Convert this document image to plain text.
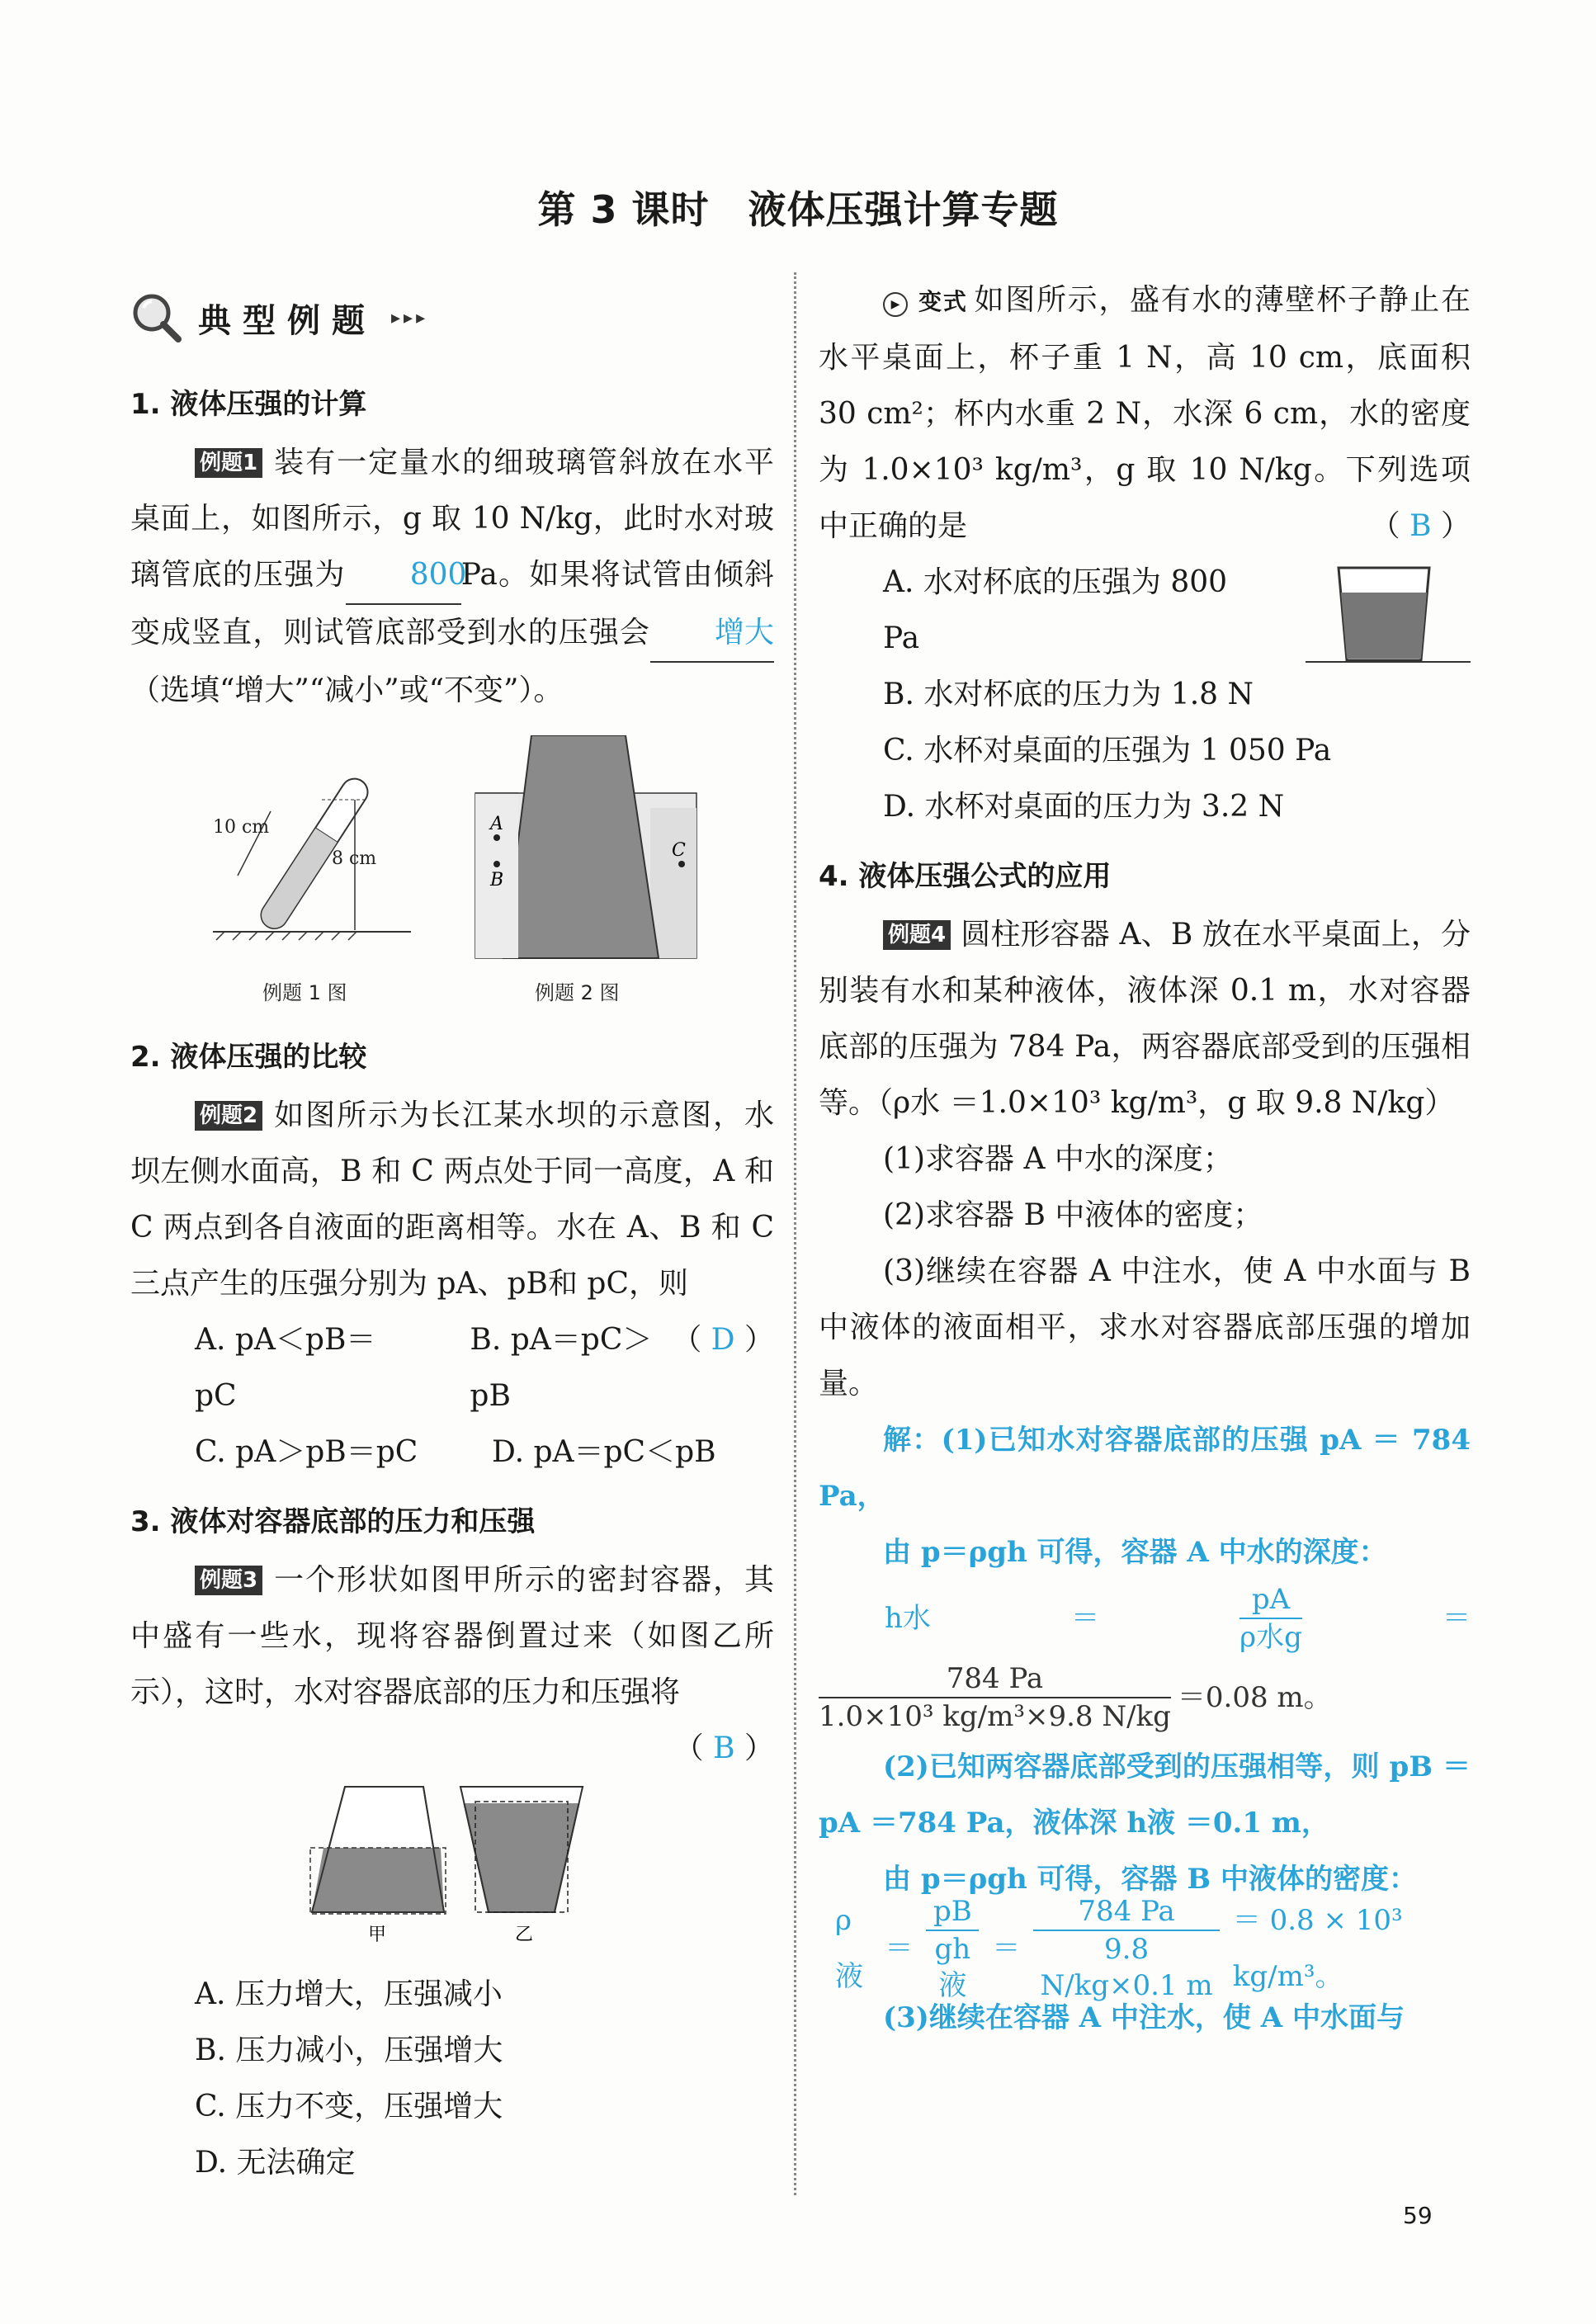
第 3 课时　液体压强计算专题
典型例题 ▸▸▸
1. 液体压强的计算

例题1 装有一定量水的细玻璃管斜放在水平桌面上，如图所示，g 取 10 N/kg，此时水对玻璃管底的压强为 800Pa。如果将试管由倾斜变成竖直，则试管底部受到水的压强会 增大（选填“增大”“减小”或“不变”）。

10 cm
8 cm
例题 1 图
A
B
C
例题 2 图
2. 液体压强的比较

例题2 如图所示为长江某水坝的示意图，水坝左侧水面高，B 和 C 两点处于同一高度，A 和 C 两点到各自液面的距离相等。水在 A、B 和 C 三点产生的压强分别为 pA、pB和 pC，则
（ D ）

A. pA＜pB＝pC
B. pA＝pC＞pB
C. pA＞pB＝pC	D. pA＝pC＜pB
3. 液体对容器底部的压力和压强

例题3 一个形状如图甲所示的密封容器，其中盛有一些水，现将容器倒置过来（如图乙所示），这时，水对容器底部的压力和压强将
（ B ）

甲	乙
A. 压力增大，压强减小
B. 压力减小，压强增大
C. 压力不变，压强增大
D. 无法确定

▶ 变式 如图所示，盛有水的薄壁杯子静止在水平桌面上，杯子重 1 N，高 10 cm，底面积 30 cm²；杯内水重 2 N，水深 6 cm，水的密度为 1.0×10³ kg/m³，g 取 10 N/kg。下列选项中正确的是	（ B ）

A. 水对杯底的压强为 800 Pa
B. 水对杯底的压力为 1.8 N
C. 水杯对桌面的压强为 1 050 Pa
D. 水杯对桌面的压力为 3.2 N
4. 液体压强公式的应用

例题4 圆柱形容器 A、B 放在水平桌面上，分别装有水和某种液体，液体深 0.1 m，水对容器底部的压强为 784 Pa，两容器底部受到的压强相等。（ρ水 ＝1.0×10³ kg/m³，g 取 9.8 N/kg）

(1)求容器 A 中水的深度；

(2)求容器 B 中液体的密度；

(3)继续在容器 A 中注水，使 A 中水面与 B 中液体的液面相平，求水对容器底部压强的增加量。

解：(1)已知水对容器底部的压强 pA ＝ 784 Pa，

由 p＝ρgh 可得，容器 A 中水的深度：

h水	＝	$\frac{pA}{\text{ρ水g}}$	＝
$\frac{784 Pa}{\text{1.0×10³ kg/m³×9.8 N/kg}} =0.08$ m。

(2)已知两容器底部受到的压强相等，则 pB ＝ pA ＝784 Pa，液体深 h液 ＝0.1 m，

由 p＝ρgh 可得，容器 B 中液体的密度：

ρ液
＝ $\frac{pB}{\text{gh液}} = \frac{784 Pa}{9.8 N/kg\times 0.1 m} = 0.8 \times 10^3$ kg/m³。

(3)继续在容器 A 中注水，使 A 中水面与

59
